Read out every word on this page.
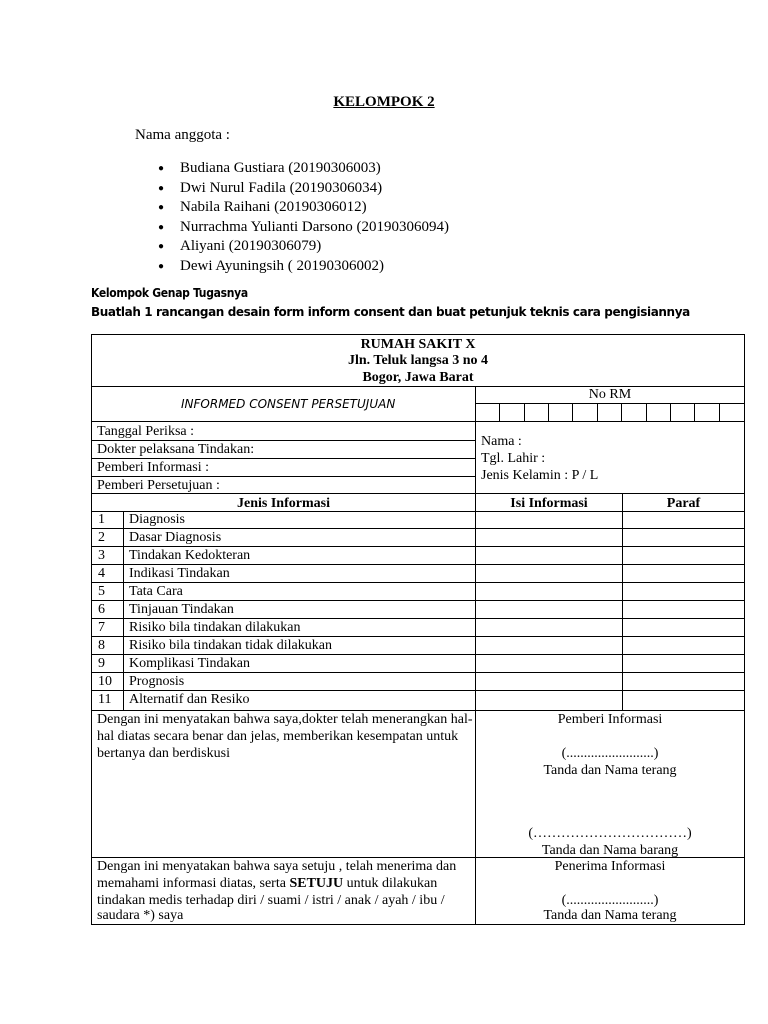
KELOMPOK 2
Nama anggota :
● Budiana Gustiara (20190306003)
● Dwi Nurul Fadila (20190306034)
● Nabila Raihani (20190306012)
● Nurrachma Yulianti Darsono (20190306094)
● Aliyani (20190306079)
● Dewi Ayuningsih ( 20190306002)
Kelompok Genap Tugasnya
Buatlah 1 rancangan desain form inform consent dan buat petunjuk teknis cara pengisiannya
RUMAH SAKIT X
Jln. Teluk langsa 3 no 4
Bogor, Jawa Barat
INFORMED CONSENT PERSETUJUAN
No RM
Tanggal Periksa :
Dokter pelaksana Tindakan:
Pemberi Informasi :
Pemberi Persetujuan :
Nama :
Tgl. Lahir :
Jenis Kelamin : P / L
Jenis Informasi	Isi Informasi	Paraf
1 Diagnosis
2 Dasar Diagnosis
3 Tindakan Kedokteran
4 Indikasi Tindakan
5 Tata Cara
6 Tinjauan Tindakan
7 Risiko bila tindakan dilakukan
8 Risiko bila tindakan tidak dilakukan
9 Komplikasi Tindakan
10 Prognosis
11 Alternatif dan Resiko
Dengan ini menyatakan bahwa saya,dokter telah menerangkan hal-
hal diatas secara benar dan jelas, memberikan kesempatan untuk
bertanya dan berdiskusi
Pemberi Informasi
(.........................)
Tanda dan Nama terang
(……………………………)
Tanda dan Nama barang
Dengan ini menyatakan bahwa saya setuju , telah menerima dan
memahami informasi diatas, serta SETUJU untuk dilakukan
tindakan medis terhadap diri / suami / istri / anak / ayah / ibu /
saudara *) saya
Penerima Informasi
(.........................)
Tanda dan Nama terang
